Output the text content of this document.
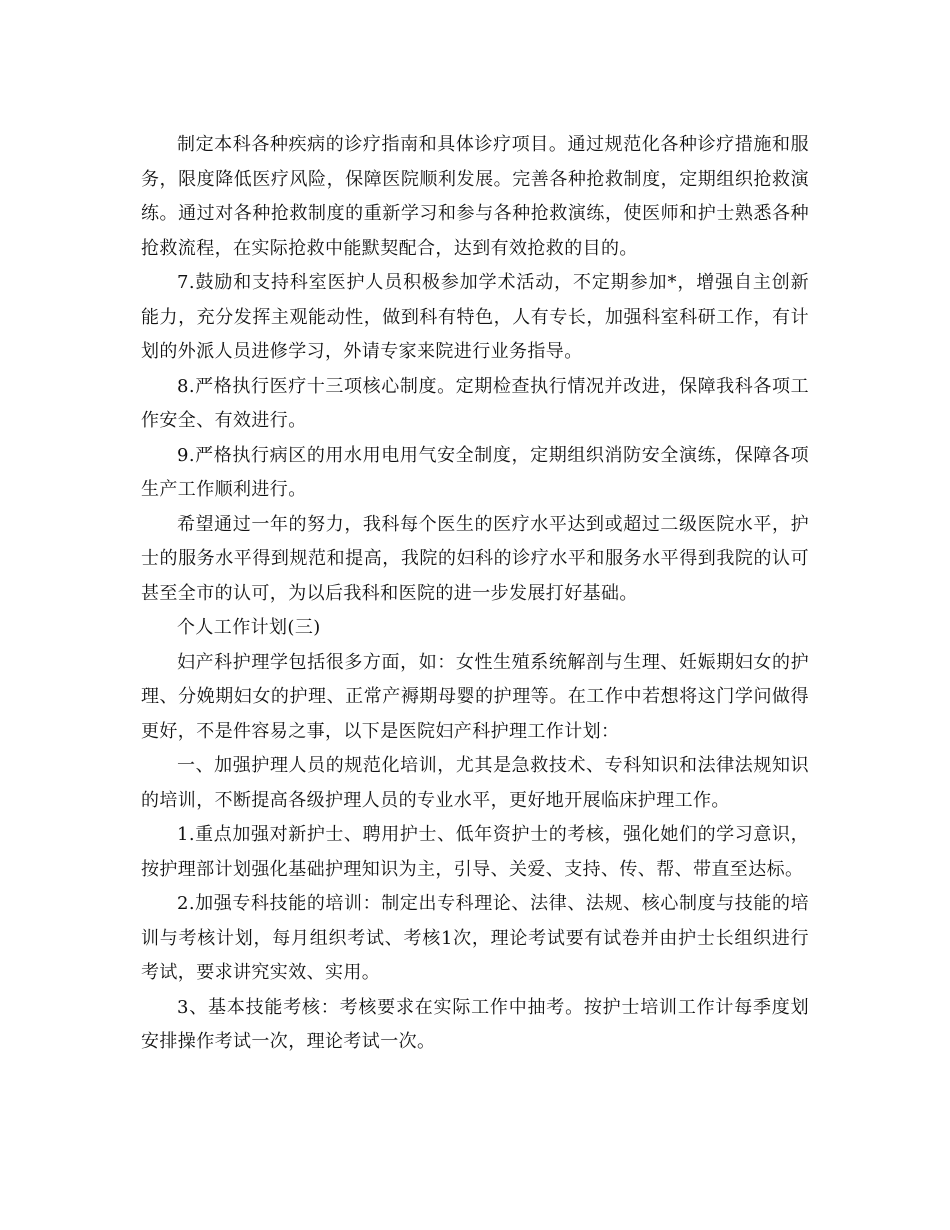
制定本科各种疾病的诊疗指南和具体诊疗项目。通过规范化各种诊疗措施和服务，限度降低医疗风险，保障医院顺利发展。完善各种抢救制度，定期组织抢救演练。通过对各种抢救制度的重新学习和参与各种抢救演练，使医师和护士熟悉各种抢救流程，在实际抢救中能默契配合，达到有效抢救的目的。

7.鼓励和支持科室医护人员积极参加学术活动，不定期参加*，增强自主创新能力，充分发挥主观能动性，做到科有特色，人有专长，加强科室科研工作，有计划的外派人员进修学习，外请专家来院进行业务指导。

8.严格执行医疗十三项核心制度。定期检查执行情况并改进，保障我科各项工作安全、有效进行。

9.严格执行病区的用水用电用气安全制度，定期组织消防安全演练，保障各项生产工作顺利进行。

希望通过一年的努力，我科每个医生的医疗水平达到或超过二级医院水平，护士的服务水平得到规范和提高，我院的妇科的诊疗水平和服务水平得到我院的认可甚至全市的认可，为以后我科和医院的进一步发展打好基础。

个人工作计划(三)

妇产科护理学包括很多方面，如：女性生殖系统解剖与生理、妊娠期妇女的护理、分娩期妇女的护理、正常产褥期母婴的护理等。在工作中若想将这门学问做得更好，不是件容易之事，以下是医院妇产科护理工作计划：

一、加强护理人员的规范化培训，尤其是急救技术、专科知识和法律法规知识的培训，不断提高各级护理人员的专业水平，更好地开展临床护理工作。

1.重点加强对新护士、聘用护士、低年资护士的考核，强化她们的学习意识，按护理部计划强化基础护理知识为主，引导、关爱、支持、传、帮、带直至达标。

2.加强专科技能的培训：制定出专科理论、法律、法规、核心制度与技能的培训与考核计划，每月组织考试、考核1次，理论考试要有试卷并由护士长组织进行考试，要求讲究实效、实用。

3、基本技能考核：考核要求在实际工作中抽考。按护士培训工作计每季度划安排操作考试一次，理论考试一次。
